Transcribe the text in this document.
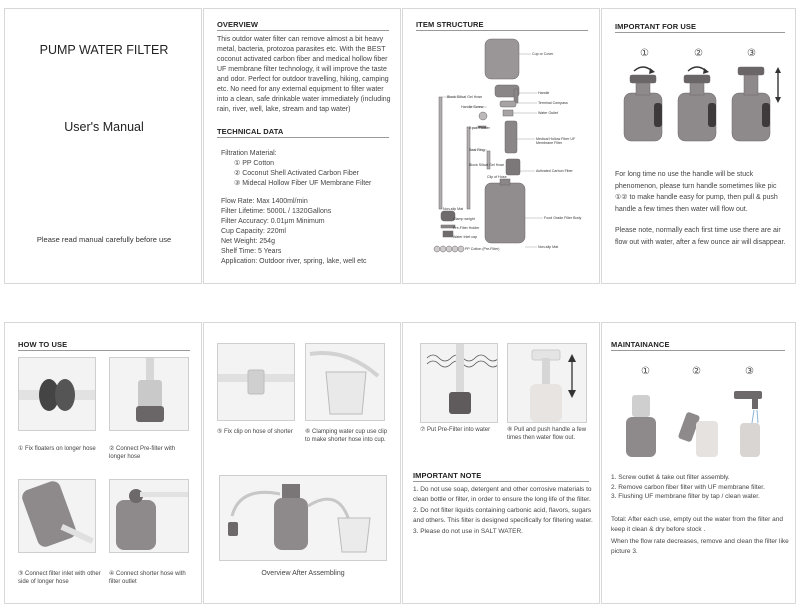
PUMP WATER FILTER
User's Manual
Please read manual carefully before use
OVERVIEW
This outdor water filter can remove almost a bit heavy metal, bacteria, protozoa parasites etc. With the BEST coconut activated carbon fiber and medical hollow fiber UF membrane filter technology, it will improve the taste and odor. Perfect for outdoor travelling, hiking, camping etc. No need for any external equipment to filter water into a clean, safe drinkable water immediately (including rain, river, well, lake, stream and tap water)
TECHNICAL DATA
Filtration Material:
① PP Cotton
② Coconut Shell Activated Carbon Fiber
③ Midecal Hollow Fiber UF Membrane Filter
Flow Rate: Max 1400ml/min
Filter Lifetime: 5000L / 1320Gallons
Filter Accuracy: 0.01μm Minimum
Cup Capacity: 220ml
Net Weight: 254g
Shelf Time: 5 Years
Application: Outdoor river, spring, lake, well etc
ITEM STRUCTURE
Cup or Cover
Handle
Block Silical Gel Hose
Terminal Compass
Handle Screw
Water Outlet
2 pcs Floater
Medical Hollow Fiber UF Membrane Filter
Seal Ring
Block Silical Gel Hose
Activated Carbon Fiber
Clip of Hose
Non-slip Mat
Clamp weight	Food Grade Filter Body
Pre-Filter Holder
Water Inlet cap
Non-slip Mat
PP Cotton (Pre-Filter)
IMPORTANT FOR USE
①	②	③
For long time no use the handle will be stuck phenomenon, please turn handle sometimes like pic ①② to make handle easy for pump, then pull & push handle a few times then water will flow out.
Please note, normally each first time use there are air flow out with water, after a few ounce air will disappear.
HOW TO USE
① Fix floaters on longer hose	② Connect Pre-filter with longer hose
③ Connect filter inlet with other side of longer hose
④ Connect shorter hose with filter outlet
⑤ Fix clip on hose of shorter	⑥ Clamping water cup use clip to make shorter hose into cup.
Overview After Assembling
⑦ Put Pre-Filter into water	⑧ Pull and push handle a few times then water flow out.
IMPORTANT NOTE
1. Do not use soap, detergent and other corrosive materials to clean bottle or filter, in order to ensure the long life of the filter.
2. Do not filter liquids containing carbonic acid, flavors, sugars and others. This filter is designed specifically for filtering water.
3. Please do not use in SALT WATER.
MAINTAINANCE
①	②	③
1. Screw outlet & take out filter assembly.
2. Remove carbon fiber filter with UF membrane filter.
3. Flushing UF membrane filter by tap / clean water.
Total: After each use, empty out the water from the filter and keep it clean & dry before stock .
When the flow rate decreases, remove and clean the filter like picture 3.
